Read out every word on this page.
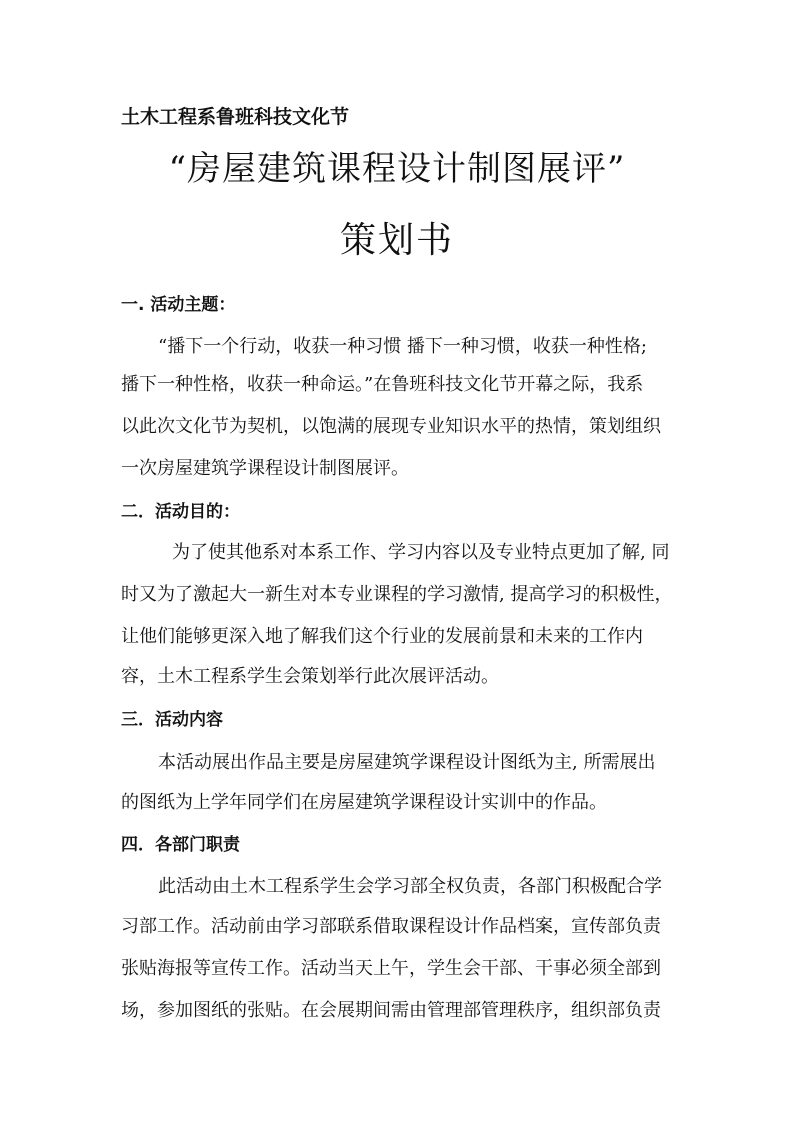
土木工程系鲁班科技文化节
“房屋建筑课程设计制图展评”
策划书
一. 活动主题：
“播下一个行动，收获一种习惯 播下一种习惯，收获一种性格;
播下一种性格，收获一种命运。”在鲁班科技文化节开幕之际，我系
以此次文化节为契机，以饱满的展现专业知识水平的热情，策划组织
一次房屋建筑学课程设计制图展评。
二．活动目的：
为了使其他系对本系工作、学习内容以及专业特点更加了解, 同
时又为了激起大一新生对本专业课程的学习激情, 提高学习的积极性，
让他们能够更深入地了解我们这个行业的发展前景和未来的工作内
容，土木工程系学生会策划举行此次展评活动。
三．活动内容
本活动展出作品主要是房屋建筑学课程设计图纸为主, 所需展出
的图纸为上学年同学们在房屋建筑学课程设计实训中的作品。
四．各部门职责
此活动由土木工程系学生会学习部全权负责，各部门积极配合学
习部工作。活动前由学习部联系借取课程设计作品档案，宣传部负责
张贴海报等宣传工作。活动当天上午，学生会干部、干事必须全部到
场，参加图纸的张贴。在会展期间需由管理部管理秩序，组织部负责
